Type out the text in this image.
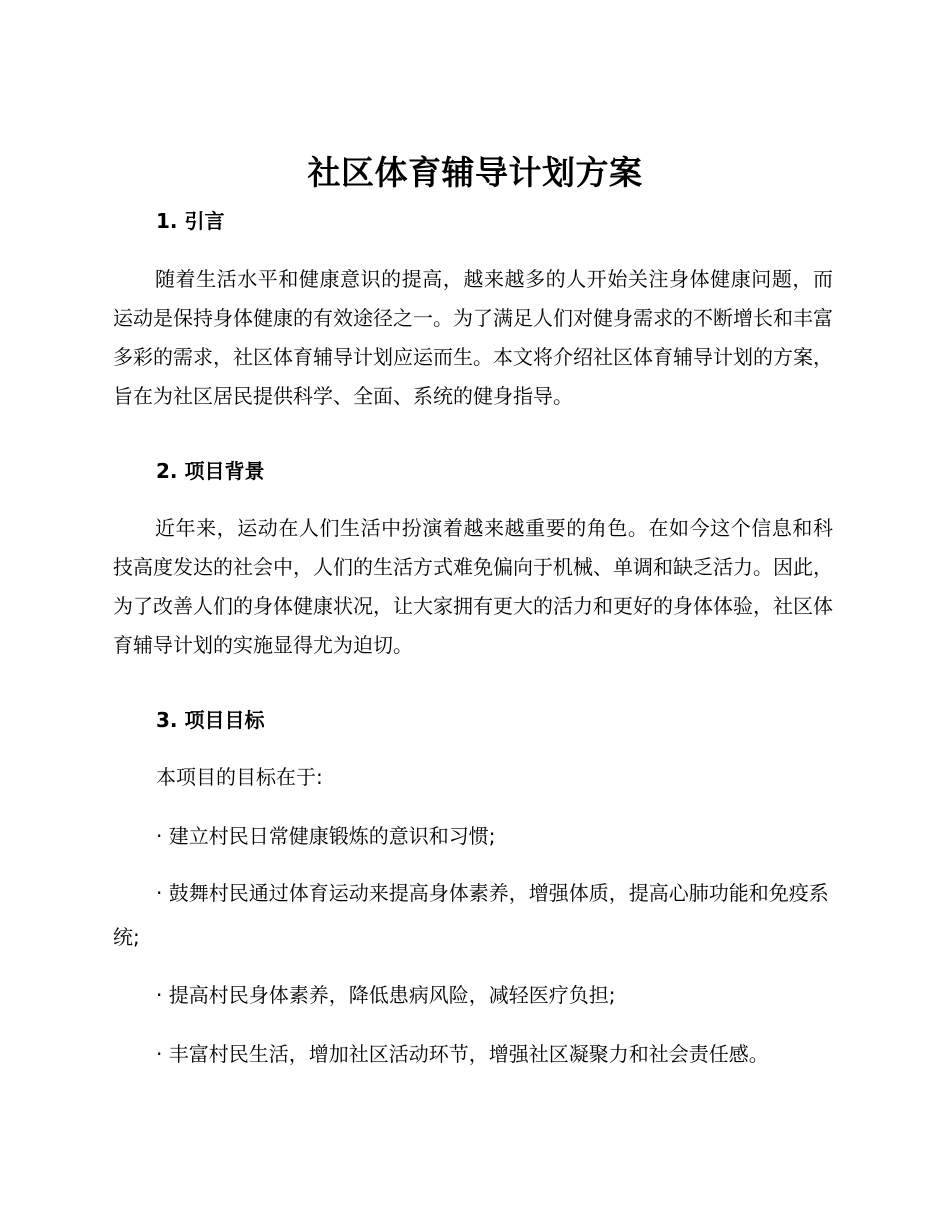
社区体育辅导计划方案
1. 引言
随着生活水平和健康意识的提高，越来越多的人开始关注身体健康问题，而运动是保持身体健康的有效途径之一。为了满足人们对健身需求的不断增长和丰富多彩的需求，社区体育辅导计划应运而生。本文将介绍社区体育辅导计划的方案，旨在为社区居民提供科学、全面、系统的健身指导。
2. 项目背景
近年来，运动在人们生活中扮演着越来越重要的角色。在如今这个信息和科技高度发达的社会中，人们的生活方式难免偏向于机械、单调和缺乏活力。因此，为了改善人们的身体健康状况，让大家拥有更大的活力和更好的身体体验，社区体育辅导计划的实施显得尤为迫切。
3. 项目目标
本项目的目标在于:
· 建立村民日常健康锻炼的意识和习惯;
· 鼓舞村民通过体育运动来提高身体素养，增强体质，提高心肺功能和免疫系统;
· 提高村民身体素养，降低患病风险，减轻医疗负担;
· 丰富村民生活，增加社区活动环节，增强社区凝聚力和社会责任感。
